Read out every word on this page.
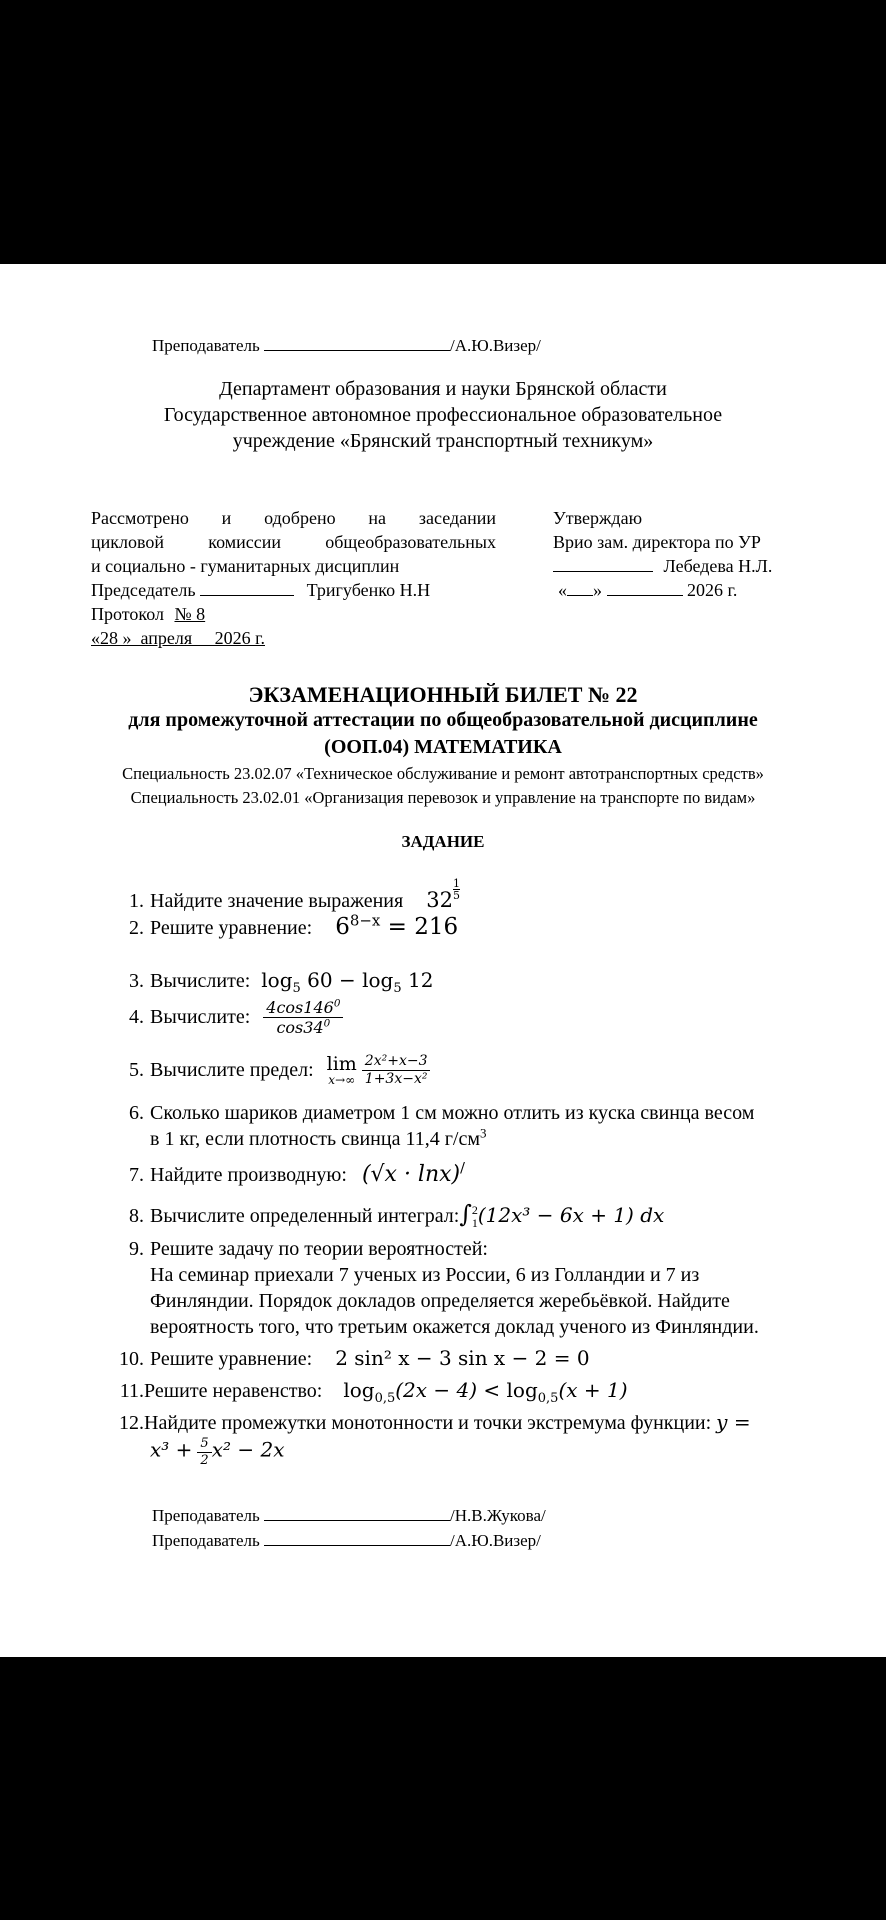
Преподаватель	/А.Ю.Визер/
Департамент образования и науки Брянской области
Государственное автономное профессиональное образовательное
учреждение «Брянский транспортный техникум»
Рассмотрено и одобрено на заседании
цикловой комиссии общеобразовательных
и социально - гуманитарных дисциплин
Председатель	Тригубенко Н.Н
Протокол № 8
«28 »  апреля     2026 г.
Утверждаю
Врио зам. директора по УР
Лебедева Н.Л.
« »	2026 г.
ЭКЗАМЕНАЦИОННЫЙ БИЛЕТ № 22
для промежуточной аттестации по общеобразовательной дисциплине
(ООП.04) МАТЕМАТИКА
Специальность 23.02.07 «Техническое обслуживание и ремонт автотранспортных средств»
Специальность 23.02.01 «Организация перевозок и управление на транспорте по видам»
ЗАДАНИЕ
1. Найдите значение выражения $32 \frac{1}{5}$
2. Решите уравнение: $6^{8-x} = 216$
3. Вычислите: $\log_5 60 - \log_5 12$
4. Вычислите: $\frac{4\cos 146^0}{\cos 34^0}$
5. Вычислите предел: lim
x→∞
$\frac{\text{2x²+x−3}}{\text{1+3x−x²}}$
6. Сколько шариков диаметром 1 см можно отлить из куска свинца весом
в 1 кг, если плотность свинца 11,4 $г/см^3$
7. Найдите производную: (√x · lnx)/
8. Вычислите определенный интеграл:∫ 2
1 (12x³ − 6x + 1) dx
9. Решите задачу по теории вероятностей:
На семинар приехали 7 ученых из России, 6 из Голландии и 7 из
Финляндии. Порядок докладов определяется жеребьёвкой. Найдите
вероятность того, что третьим окажется доклад ученого из Финляндии.
10. Решите уравнение: 2 sin² x − 3 sin x − 2 = 0
11.Решите неравенство: $\log_{0,5}(2x - 4) < \log_{0,5}(x + 1)$
12.Найдите промежутки монотонности и точки экстремума функции: y =
$x^3 + \frac{5}{2} x^2 - 2x$
Преподаватель	/Н.В.Жукова/
Преподаватель	/А.Ю.Визер/
